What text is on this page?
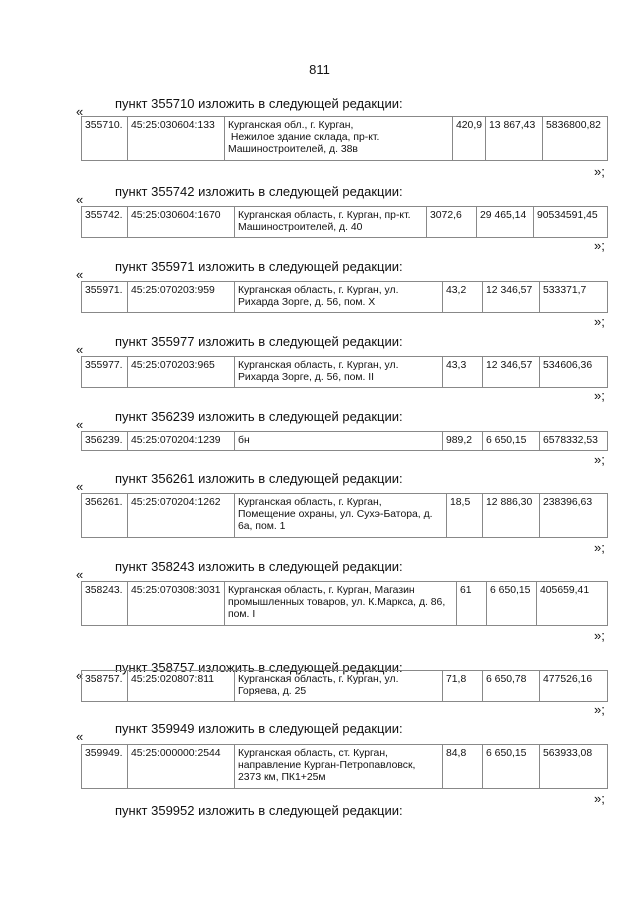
811
пункт 355710 изложить в следующей редакции:
«
355710.	45:25:030604:133	Курганская обл., г. Курган,
Нежилое здание склада, пр-кт.
Машиностроителей, д. 38в	420,9	13 867,43	5836800,82
»;
пункт 355742 изложить в следующей редакции:
«
355742.	45:25:030604:1670	Курганская область, г. Курган, пр-кт.
Машиностроителей, д. 40	3072,6	29 465,14	90534591,45
»;
пункт 355971 изложить в следующей редакции:
«
355971.	45:25:070203:959	Курганская область, г. Курган, ул.
Рихарда Зорге, д. 56, пом. X	43,2	12 346,57	533371,7
»;
пункт 355977 изложить в следующей редакции:
«
355977.	45:25:070203:965	Курганская область, г. Курган, ул.
Рихарда Зорге, д. 56, пом. II	43,3	12 346,57	534606,36
»;
пункт 356239 изложить в следующей редакции:
«
356239.	45:25:070204:1239	бн	989,2	6 650,15	6578332,53
»;
пункт 356261 изложить в следующей редакции:
«
356261.	45:25:070204:1262	Курганская область, г. Курган,
Помещение охраны, ул. Сухэ-Батора, д.
6а, пом. 1	18,5	12 886,30	238396,63
»;
пункт 358243 изложить в следующей редакции:
«
358243.	45:25:070308:3031	Курганская область, г. Курган, Магазин
промышленных товаров, ул. К.Маркса, д. 86,
пом. I	61	6 650,15	405659,41
»;
пункт 358757 изложить в следующей редакции:
« 358757.	45:25:020807:811	Курганская область, г. Курган, ул.
Горяева, д. 25	71,8	6 650,78	477526,16
»;
пункт 359949 изложить в следующей редакции:
«
359949.	45:25:000000:2544	Курганская область, ст. Курган,
направление Курган-Петропавловск,
2373 км, ПК1+25м	84,8	6 650,15	563933,08
»;
пункт 359952 изложить в следующей редакции:
